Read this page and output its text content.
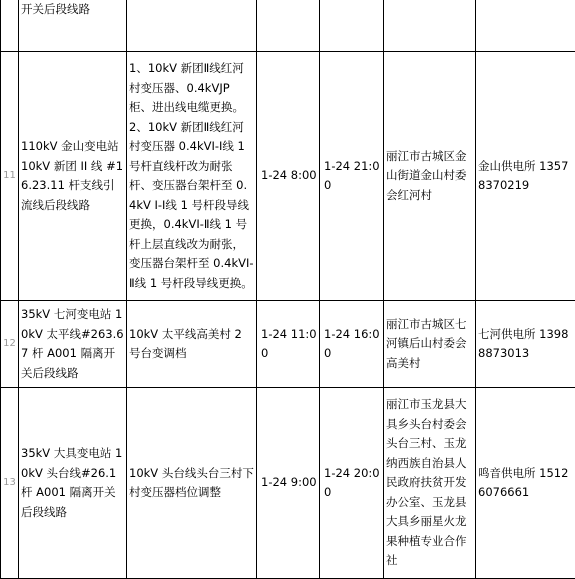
	开关后段线路					
11	110kV 金山变电站 10kV 新团 II 线 #16.23.11 杆支线引流线后段线路	1、10kV 新团Ⅱ线红河村变压器、0.4kVJP 柜、进出线电缆更换。
2、10kV 新团Ⅱ线红河村变压器 0.4kVⅠ-Ⅰ线 1 号杆直线杆改为耐张杆、变压器台架杆至 0.4kV Ⅰ-Ⅰ线 1 号杆段导线更换，0.4kVⅠ-Ⅱ线 1 号杆上层直线改为耐张，变压器台架杆至 0.4kVⅠ-Ⅱ线 1 号杆段导线更换。	1-24 8:00	1-24 21:00	丽江市古城区金山街道金山村委会红河村	金山供电所 13578370219
12	35kV 七河变电站 10kV 太平线#263.67 杆 A001 隔离开关后段线路	10kV 太平线高美村 2 号台变调档	1-24 11:00	1-24 16:00	丽江市古城区七河镇后山村委会高美村	七河供电所 13988873013
13	35kV 大具变电站 10kV 头台线#26.1 杆 A001 隔离开关后段线路	10kV 头台线头台三村下村变压器档位调整	1-24 9:00	1-24 20:00	丽江市玉龙县大具乡头台村委会头台三村、玉龙纳西族自治县人民政府扶贫开发办公室、玉龙县大具乡丽星火龙果种植专业合作社	鸣音供电所 15126076661
